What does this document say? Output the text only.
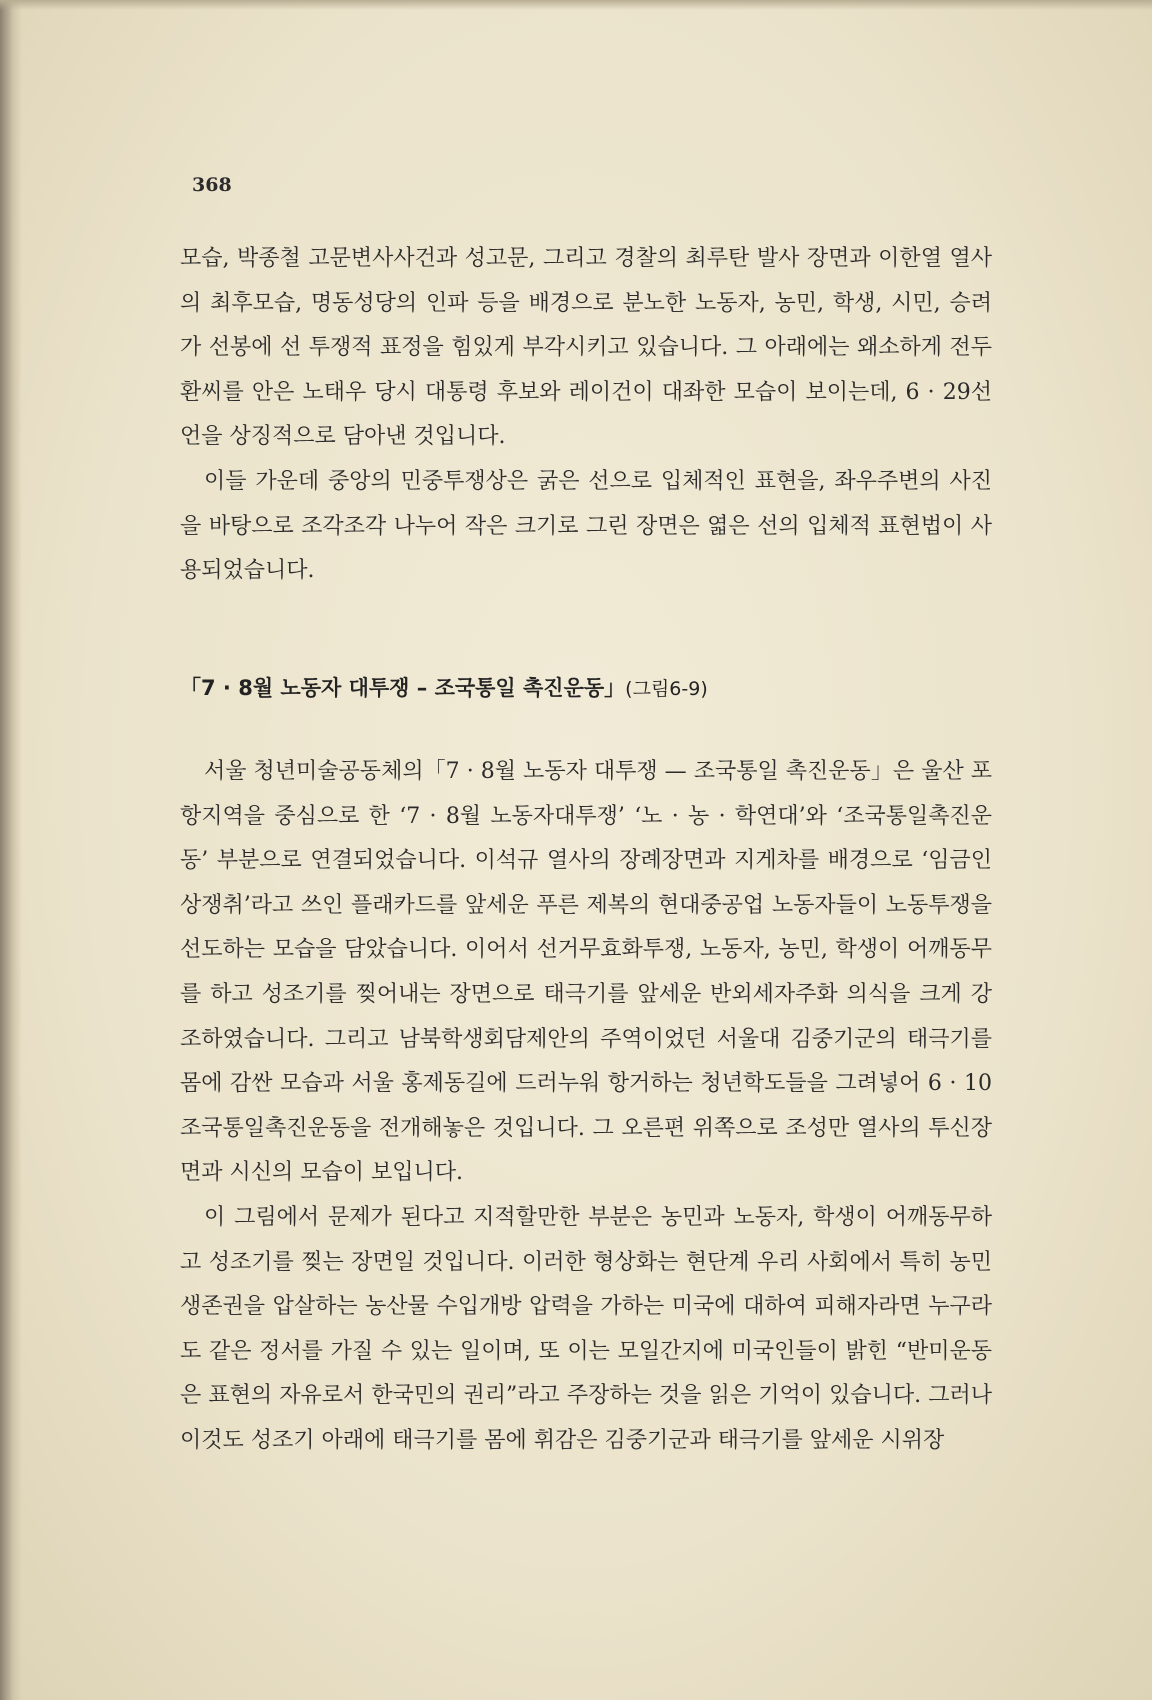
368

모습, 박종철 고문변사사건과 성고문, 그리고 경찰의 최루탄 발사 장면과 이한열 열사의 최후모습, 명동성당의 인파 등을 배경으로 분노한 노동자, 농민, 학생, 시민, 승려가 선봉에 선 투쟁적 표정을 힘있게 부각시키고 있습니다. 그 아래에는 왜소하게 전두환씨를 안은 노태우 당시 대통령 후보와 레이건이 대좌한 모습이 보이는데, 6 · 29선언을 상징적으로 담아낸 것입니다.

이들 가운데 중앙의 민중투쟁상은 굵은 선으로 입체적인 표현을, 좌우주변의 사진을 바탕으로 조각조각 나누어 작은 크기로 그린 장면은 엷은 선의 입체적 표현법이 사용되었습니다.

「7 · 8월 노동자 대투쟁 – 조국통일 촉진운동」(그림6-9)

서울 청년미술공동체의「7 · 8월 노동자 대투쟁 — 조국통일 촉진운동」은 울산 포항지역을 중심으로 한 ‘7 · 8월 노동자대투쟁’ ‘노 · 농 · 학연대’와 ‘조국통일촉진운동’ 부분으로 연결되었습니다. 이석규 열사의 장례장면과 지게차를 배경으로 ‘임금인상쟁취’라고 쓰인 플래카드를 앞세운 푸른 제복의 현대중공업 노동자들이 노동투쟁을 선도하는 모습을 담았습니다. 이어서 선거무효화투쟁, 노동자, 농민, 학생이 어깨동무를 하고 성조기를 찢어내는 장면으로 태극기를 앞세운 반외세자주화 의식을 크게 강조하였습니다. 그리고 남북학생회담제안의 주역이었던 서울대 김중기군의 태극기를 몸에 감싼 모습과 서울 홍제동길에 드러누워 항거하는 청년학도들을 그려넣어 6 · 10 조국통일촉진운동을 전개해놓은 것입니다. 그 오른편 위쪽으로 조성만 열사의 투신장면과 시신의 모습이 보입니다.

이 그림에서 문제가 된다고 지적할만한 부분은 농민과 노동자, 학생이 어깨동무하고 성조기를 찢는 장면일 것입니다. 이러한 형상화는 현단계 우리 사회에서 특히 농민생존권을 압살하는 농산물 수입개방 압력을 가하는 미국에 대하여 피해자라면 누구라도 같은 정서를 가질 수 있는 일이며, 또 이는 모일간지에 미국인들이 밝힌 “반미운동은 표현의 자유로서 한국민의 권리”라고 주장하는 것을 읽은 기억이 있습니다. 그러나 이것도 성조기 아래에 태극기를 몸에 휘감은 김중기군과 태극기를 앞세운 시위장
